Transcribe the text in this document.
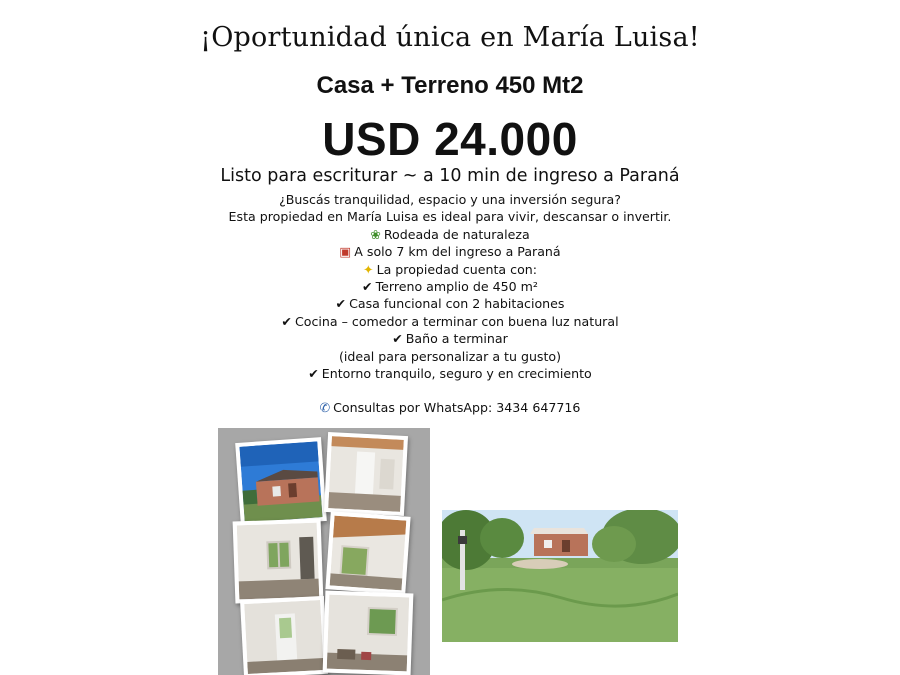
¡Oportunidad única en María Luisa!
Casa + Terreno 450 Mt2
USD 24.000
Listo para escriturar ~ a 10 min de ingreso a Paraná
¿Buscás tranquilidad, espacio y una inversión segura?
Esta propiedad en María Luisa es ideal para vivir, descansar o invertir.
❀ Rodeada de naturaleza
▣ A solo 7 km del ingreso a Paraná
✦ La propiedad cuenta con:
✔ Terreno amplio de 450 m²
✔ Casa funcional con 2 habitaciones
✔ Cocina – comedor a terminar con buena luz natural
✔ Baño a terminar
(ideal para personalizar a tu gusto)
✔ Entorno tranquilo, seguro y en crecimiento
✆ Consultas por WhatsApp: 3434 647716
